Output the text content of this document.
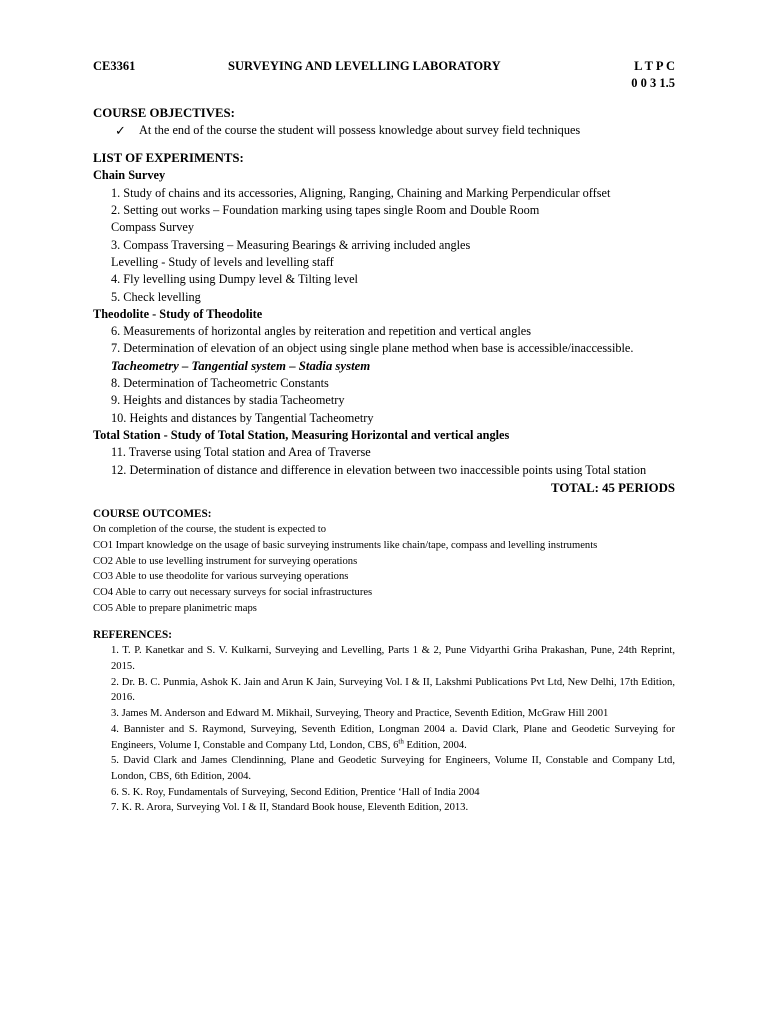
CE3361	SURVEYING AND LEVELLING LABORATORY	L T P C
0 0 3 1.5
COURSE OBJECTIVES:
✓	At the end of the course the student will possess knowledge about survey field techniques
LIST OF EXPERIMENTS:
Chain Survey
1. Study of chains and its accessories, Aligning, Ranging, Chaining and Marking Perpendicular offset
2. Setting out works – Foundation marking using tapes single Room and Double Room
Compass Survey
3. Compass Traversing – Measuring Bearings & arriving included angles
Levelling - Study of levels and levelling staff
4. Fly levelling using Dumpy level & Tilting level
5. Check levelling
Theodolite - Study of Theodolite
6. Measurements of horizontal angles by reiteration and repetition and vertical angles
7. Determination of elevation of an object using single plane method when base is accessible/inaccessible.
Tacheometry – Tangential system – Stadia system
8. Determination of Tacheometric Constants
9. Heights and distances by stadia Tacheometry
10. Heights and distances by Tangential Tacheometry
Total Station - Study of Total Station, Measuring Horizontal and vertical angles
11. Traverse using Total station and Area of Traverse
12. Determination of distance and difference in elevation between two inaccessible points using Total station
TOTAL: 45 PERIODS
COURSE OUTCOMES:
On completion of the course, the student is expected to
CO1 Impart knowledge on the usage of basic surveying instruments like chain/tape, compass and levelling instruments
CO2 Able to use levelling instrument for surveying operations
CO3 Able to use theodolite for various surveying operations
CO4 Able to carry out necessary surveys for social infrastructures
CO5 Able to prepare planimetric maps
REFERENCES:
1. T. P. Kanetkar and S. V. Kulkarni, Surveying and Levelling, Parts 1 & 2, Pune Vidyarthi Griha Prakashan, Pune, 24th Reprint, 2015.
2. Dr. B. C. Punmia, Ashok K. Jain and Arun K Jain, Surveying Vol. I & II, Lakshmi Publications Pvt Ltd, New Delhi, 17th Edition, 2016.
3. James M. Anderson and Edward M. Mikhail, Surveying, Theory and Practice, Seventh Edition, McGraw Hill 2001
4. Bannister and S. Raymond, Surveying, Seventh Edition, Longman 2004 a. David Clark, Plane and Geodetic Surveying for Engineers, Volume I, Constable and Company Ltd, London, CBS, 6th Edition, 2004.
5. David Clark and James Clendinning, Plane and Geodetic Surveying for Engineers, Volume II, Constable and Company Ltd, London, CBS, 6th Edition, 2004.
6. S. K. Roy, Fundamentals of Surveying, Second Edition, Prentice ‘Hall of India 2004
7. K. R. Arora, Surveying Vol. I & II, Standard Book house, Eleventh Edition, 2013.
